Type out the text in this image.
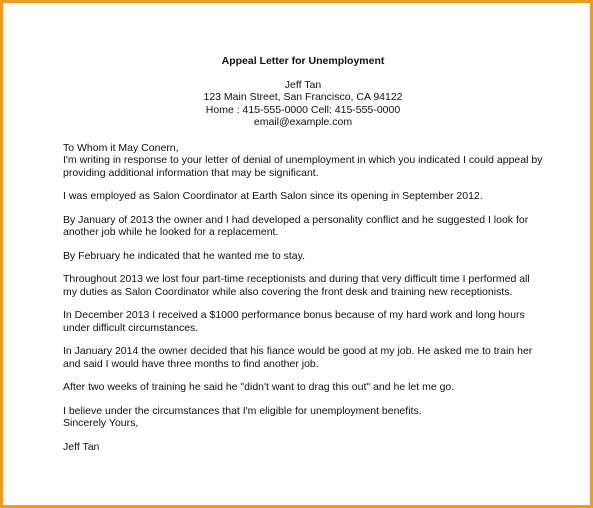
Appeal Letter for Unemployment
Jeff Tan
123 Main Street, San Francisco, CA 94122
Home : 415-555-0000 Cell: 415-555-0000
email@example.com
To Whom it May Conern,
I'm writing in response to your letter of denial of unemployment in which you indicated I could appeal by providing additional information that may be significant.
I was employed as Salon Coordinator at Earth Salon since its opening in September 2012.
By January of 2013 the owner and I had developed a personality conflict and he suggested I look for another job while he looked for a replacement.
By February he indicated that he wanted me to stay.
Throughout 2013 we lost four part-time receptionists and during that very difficult time I performed all my duties as Salon Coordinator while also covering the front desk and training new receptionists.
In December 2013 I received a $1000 performance bonus because of my hard work and long hours under difficult circumstances.
In January 2014 the owner decided that his fiance would be good at my job. He asked me to train her and said I would have three months to find another job.
After two weeks of training he said he "didn't want to drag this out" and he let me go.
I believe under the circumstances that I'm eligible for unemployment benefits.
Sincerely Yours,
Jeff Tan
